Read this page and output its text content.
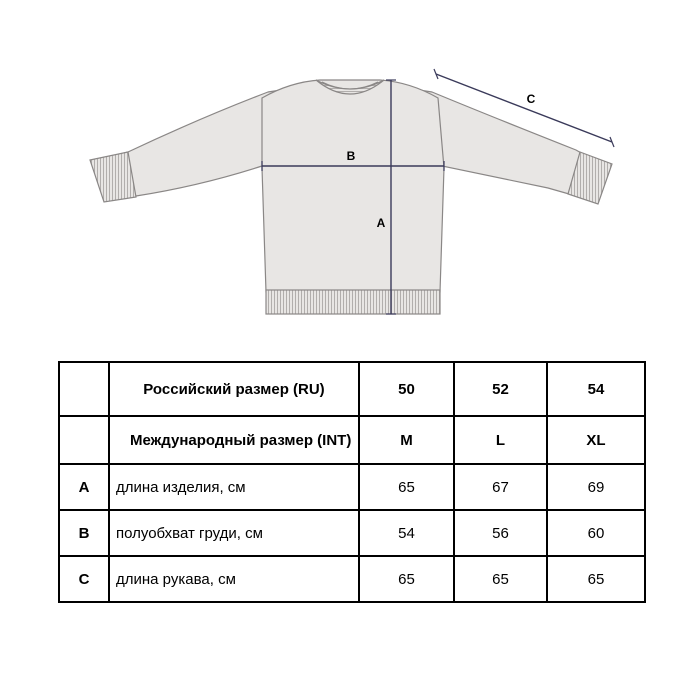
A
B
C
	Российский размер (RU)	50	52	54
	Международный размер (INT)	M	L	XL
A	длина изделия, см	65	67	69
B	полуобхват груди, см	54	56	60
C	длина рукава, см	65	65	65
